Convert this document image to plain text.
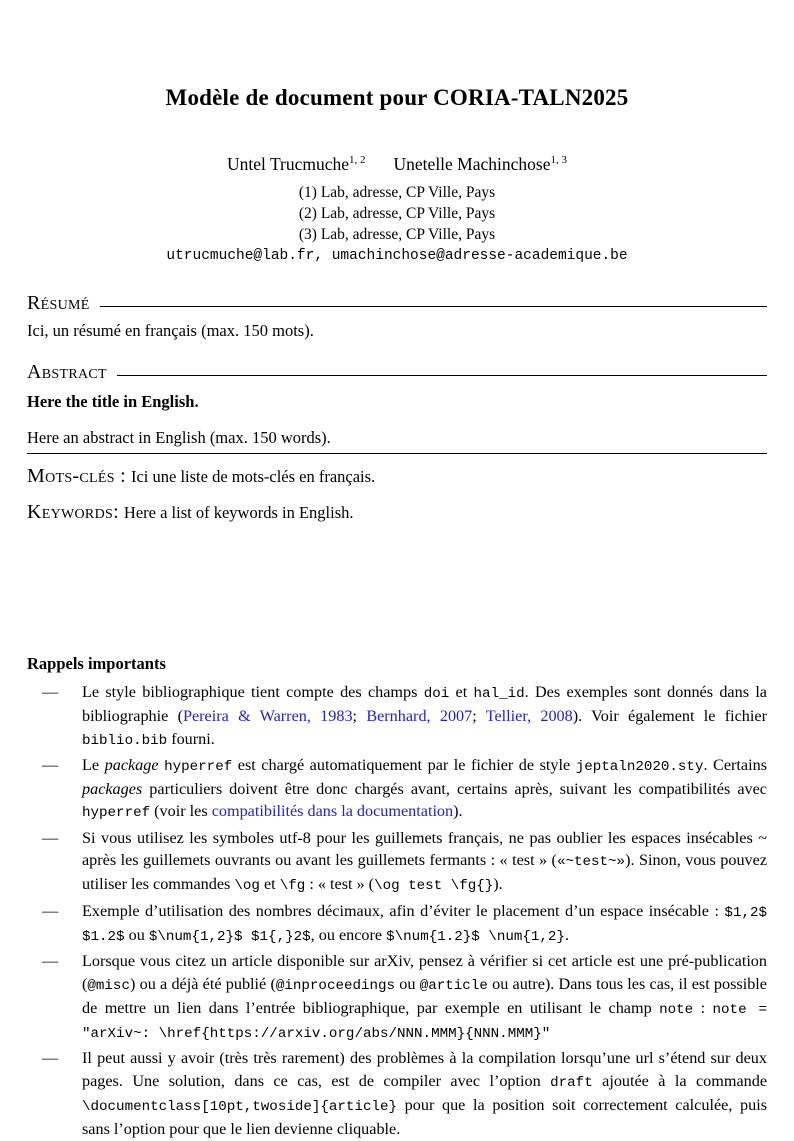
Modèle de document pour CORIA-TALN2025
Untel Trucmuche$^{1, 2}$ Unetelle Machinchose$^{1, 3}$
(1) Lab, adresse, CP Ville, Pays
(2) Lab, adresse, CP Ville, Pays
(3) Lab, adresse, CP Ville, Pays
utrucmuche@lab.fr, umachinchose@adresse-academique.be
Résumé

Ici, un résumé en français (max. 150 mots).

Abstract

Here the title in English.

Here an abstract in English (max. 150 words).

Mots-clés : Ici une liste de mots-clés en français.

Keywords: Here a list of keywords in English.

Rappels importants
— Le style bibliographique tient compte des champs doi et hal_id. Des exemples sont donnés dans la bibliographie (Pereira & Warren, 1983; Bernhard, 2007; Tellier, 2008). Voir également le fichier biblio.bib fourni.
— Le package hyperref est chargé automatiquement par le fichier de style jeptaln2020.sty. Certains packages particuliers doivent être donc chargés avant, certains après, suivant les compatibilités avec hyperref (voir les compatibilités dans la documentation).
— Si vous utilisez les symboles utf-8 pour les guillemets français, ne pas oublier les espaces insécables ~ après les guillemets ouvrants ou avant les guillemets fermants : « test » («~test~»). Sinon, vous pouvez utiliser les commandes \og et \fg : « test » (\og test \fg{}).
— Exemple d’utilisation des nombres décimaux, afin d’éviter le placement d’un espace insécable : $1,2$ $1.2$ ou $\num{1,2}$ $1{,}2$, ou encore $\num{1.2}$ \num{1,2}.
— Lorsque vous citez un article disponible sur arXiv, pensez à vérifier si cet article est une pré-publication (@misc) ou a déjà été publié (@inproceedings ou @article ou autre). Dans tous les cas, il est possible de mettre un lien dans l’entrée bibliographique, par exemple en utilisant le champ note : note = "arXiv~: \href{https://arxiv.org/abs/NNN.MMM}{NNN.MMM}"
— Il peut aussi y avoir (très très rarement) des problèmes à la compilation lorsqu’une url s’étend sur deux pages. Une solution, dans ce cas, est de compiler avec l’option draft ajoutée à la commande \documentclass[10pt,twoside]{article} pour que la position soit correctement calculée, puis sans l’option pour que le lien devienne cliquable.
